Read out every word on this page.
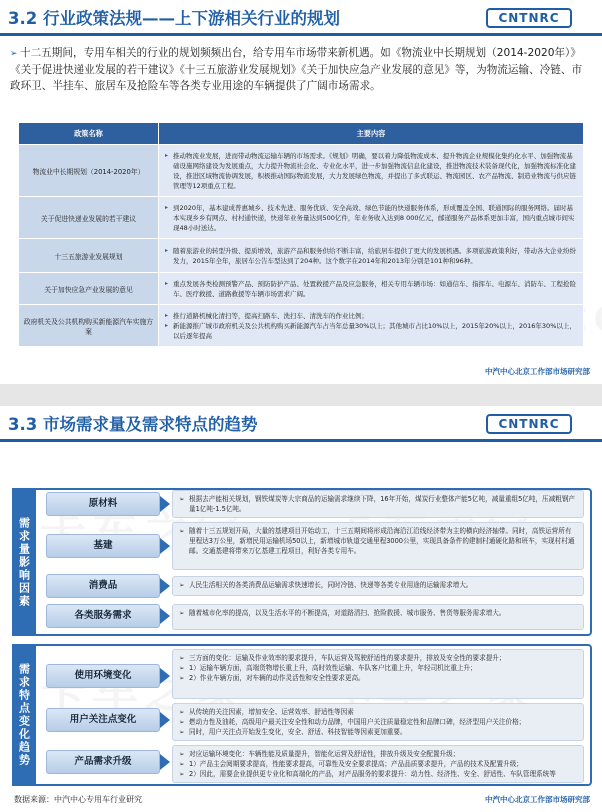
3.2 行业政策法规——上下游相关行业的规划	CNTNRC
➢ 十二五期间，专用车相关的行业的规划频频出台，给专用车市场带来新机遇。如《物流业中长期规划（2014-2020年）》《关于促进快递业发展的若干建议》《十三五旅游业发展规划》《关于加快应急产业发展的意见》等，为物流运输、冷链、市政环卫、半挂车、旅居车及抢险车等各类专业用途的车辆提供了广阔市场需求。
政策名称	主要内容
物流业中长期规划（2014-2020年）	▸ 推动物流业发展，进而带动物流运输车辆的市场需求。《规划》明确，要以着力降低物流成本、提升物流企业规模化集约化水平、加强物流基础设施网络建设为发展重点，大力提升物流社会化、专业化水平，进一步加强物流信息化建设，推进物流技术装备现代化，加强物流标准化建设，推进区域物流协调发展，积极推动国际物流发展，大力发展绿色物流，并提出了多式联运、物流园区、农产品物流、制造业物流与供应链管理等12项重点工程。

关于促进快递业发展的若干建议	▸ 到2020年，基本建成普惠城乡、技术先进、服务优质、安全高效、绿色节能的快递服务体系，形成覆盖全国、联通国际的服务网络。届时基本实现乡乡有网点、村村通快递，快递年业务量达到500亿件，年业务收入达到8 000亿元，邮递服务产品体系更加丰富，国内重点城市间实现48小时送达。

十三五旅游业发展规划	▸ 随着旅游业的转型升级、提质增效，旅游产品和服务供给不断丰富，给旅居车提供了更大的发展机遇。多项旅游政策利好，带动各大企业纷纷发力，2015年全年，旅居车公告车型达到了204种。这个数字在2014年和2013年分别是101种和96种。

关于加快应急产业发展的意见	▸ 重点发展各类检测预警产品、预防防护产品、处置救援产品及应急服务，相关专用车辆市场：如通信车、指挥车、电源车、消防车、工程抢险车、医疗救援、道路救援等车辆市场需求广阔。

政府机关及公共机构购买新能源汽车实施方案	▸ 推行道路机械化清扫等，提高扫路车、洗扫车、清洗车的作业比例；
▸ 新能源推广城市政府机关及公共机构购买新能源汽车占当年总量30%以上；其他城市占比10%以上，2015年20%以上，2016年30%以上，以后逐年提高
中汽中心北京工作部市场研究部
3.3 市场需求量及需求特点的趋势	CNTNRC
需求量影响因素
需求特点变化趋势
原材料	➢ 根据去产能相关规划，钢铁煤炭等大宗商品的运输需求继续下降，16年开始，煤炭行业整体产能5亿吨，减量重组5亿吨，压减粗钢产量1亿吨-1.5亿吨。
基建
➢ 随着十三五规划开局，大量的基建项目开始动工，十三五期间将形成沿海沿江沿线经济带为主的横向经济轴带。同时，高铁运营所有里程达3万公里，新增民用运输机场50以上，新增城市轨道交通里程3000公里，实现具备条件的建制村通硬化路和班车，实现村村通邮。交通基建将带来万亿基建工程项目，利好各类专用车。
消费品	➢ 人民生活相关的各类消费品运输需求快速增长，同时冷链、快递等各类专业用途的运输需求增大。
各类服务需求	➢ 随着城市化率的提高，以及生活水平的不断提高，对道路清扫、抢险救援、城市服务、售货等服务需求增大。
使用环境变化
➢ 三方面的变化：运输及作业效率的要求提升，车队运营及驾驶舒适性的要求提升，排放及安全性的要求提升；
➢ 1）运输车辆方面，高端货物增长重上升，高时效性运输、车队客户比重上升，年轻司机比重上升；
➢ 2）作业车辆方面，对车辆的动作灵活性和安全性要求更高。
用户关注点变化
➢ 从传统的关注因素，增加安全、运营效率、舒适性等因素
➢ 燃动力性及油耗，高级用户最关注安全性和动力品牌，中国用户关注质量稳定性和品牌口碑，经济型用户关注价格；
➢ 同时，用户关注点开始发生变化，安全、舒适、科技智能等因素更加重要。
产品需求升级
➢ 对应运输环境变化：车辆性能及质量提升，智能化运营及舒适性，排放升级及安全配置升级；
➢ 1）产品主会阅期要求提高，性能要求提高，可靠性及安全要求提高；产品品质要求提升，产品的技术及配置升级；
➢ 2）因此，需要企业提供更专业化和高端化的产品，对产品服务的要求提升：动力性、经济性、安全、舒适性、车队管理系统等
数据来源：中汽中心专用车行业研究	中汽中心北京工作部市场研究部
